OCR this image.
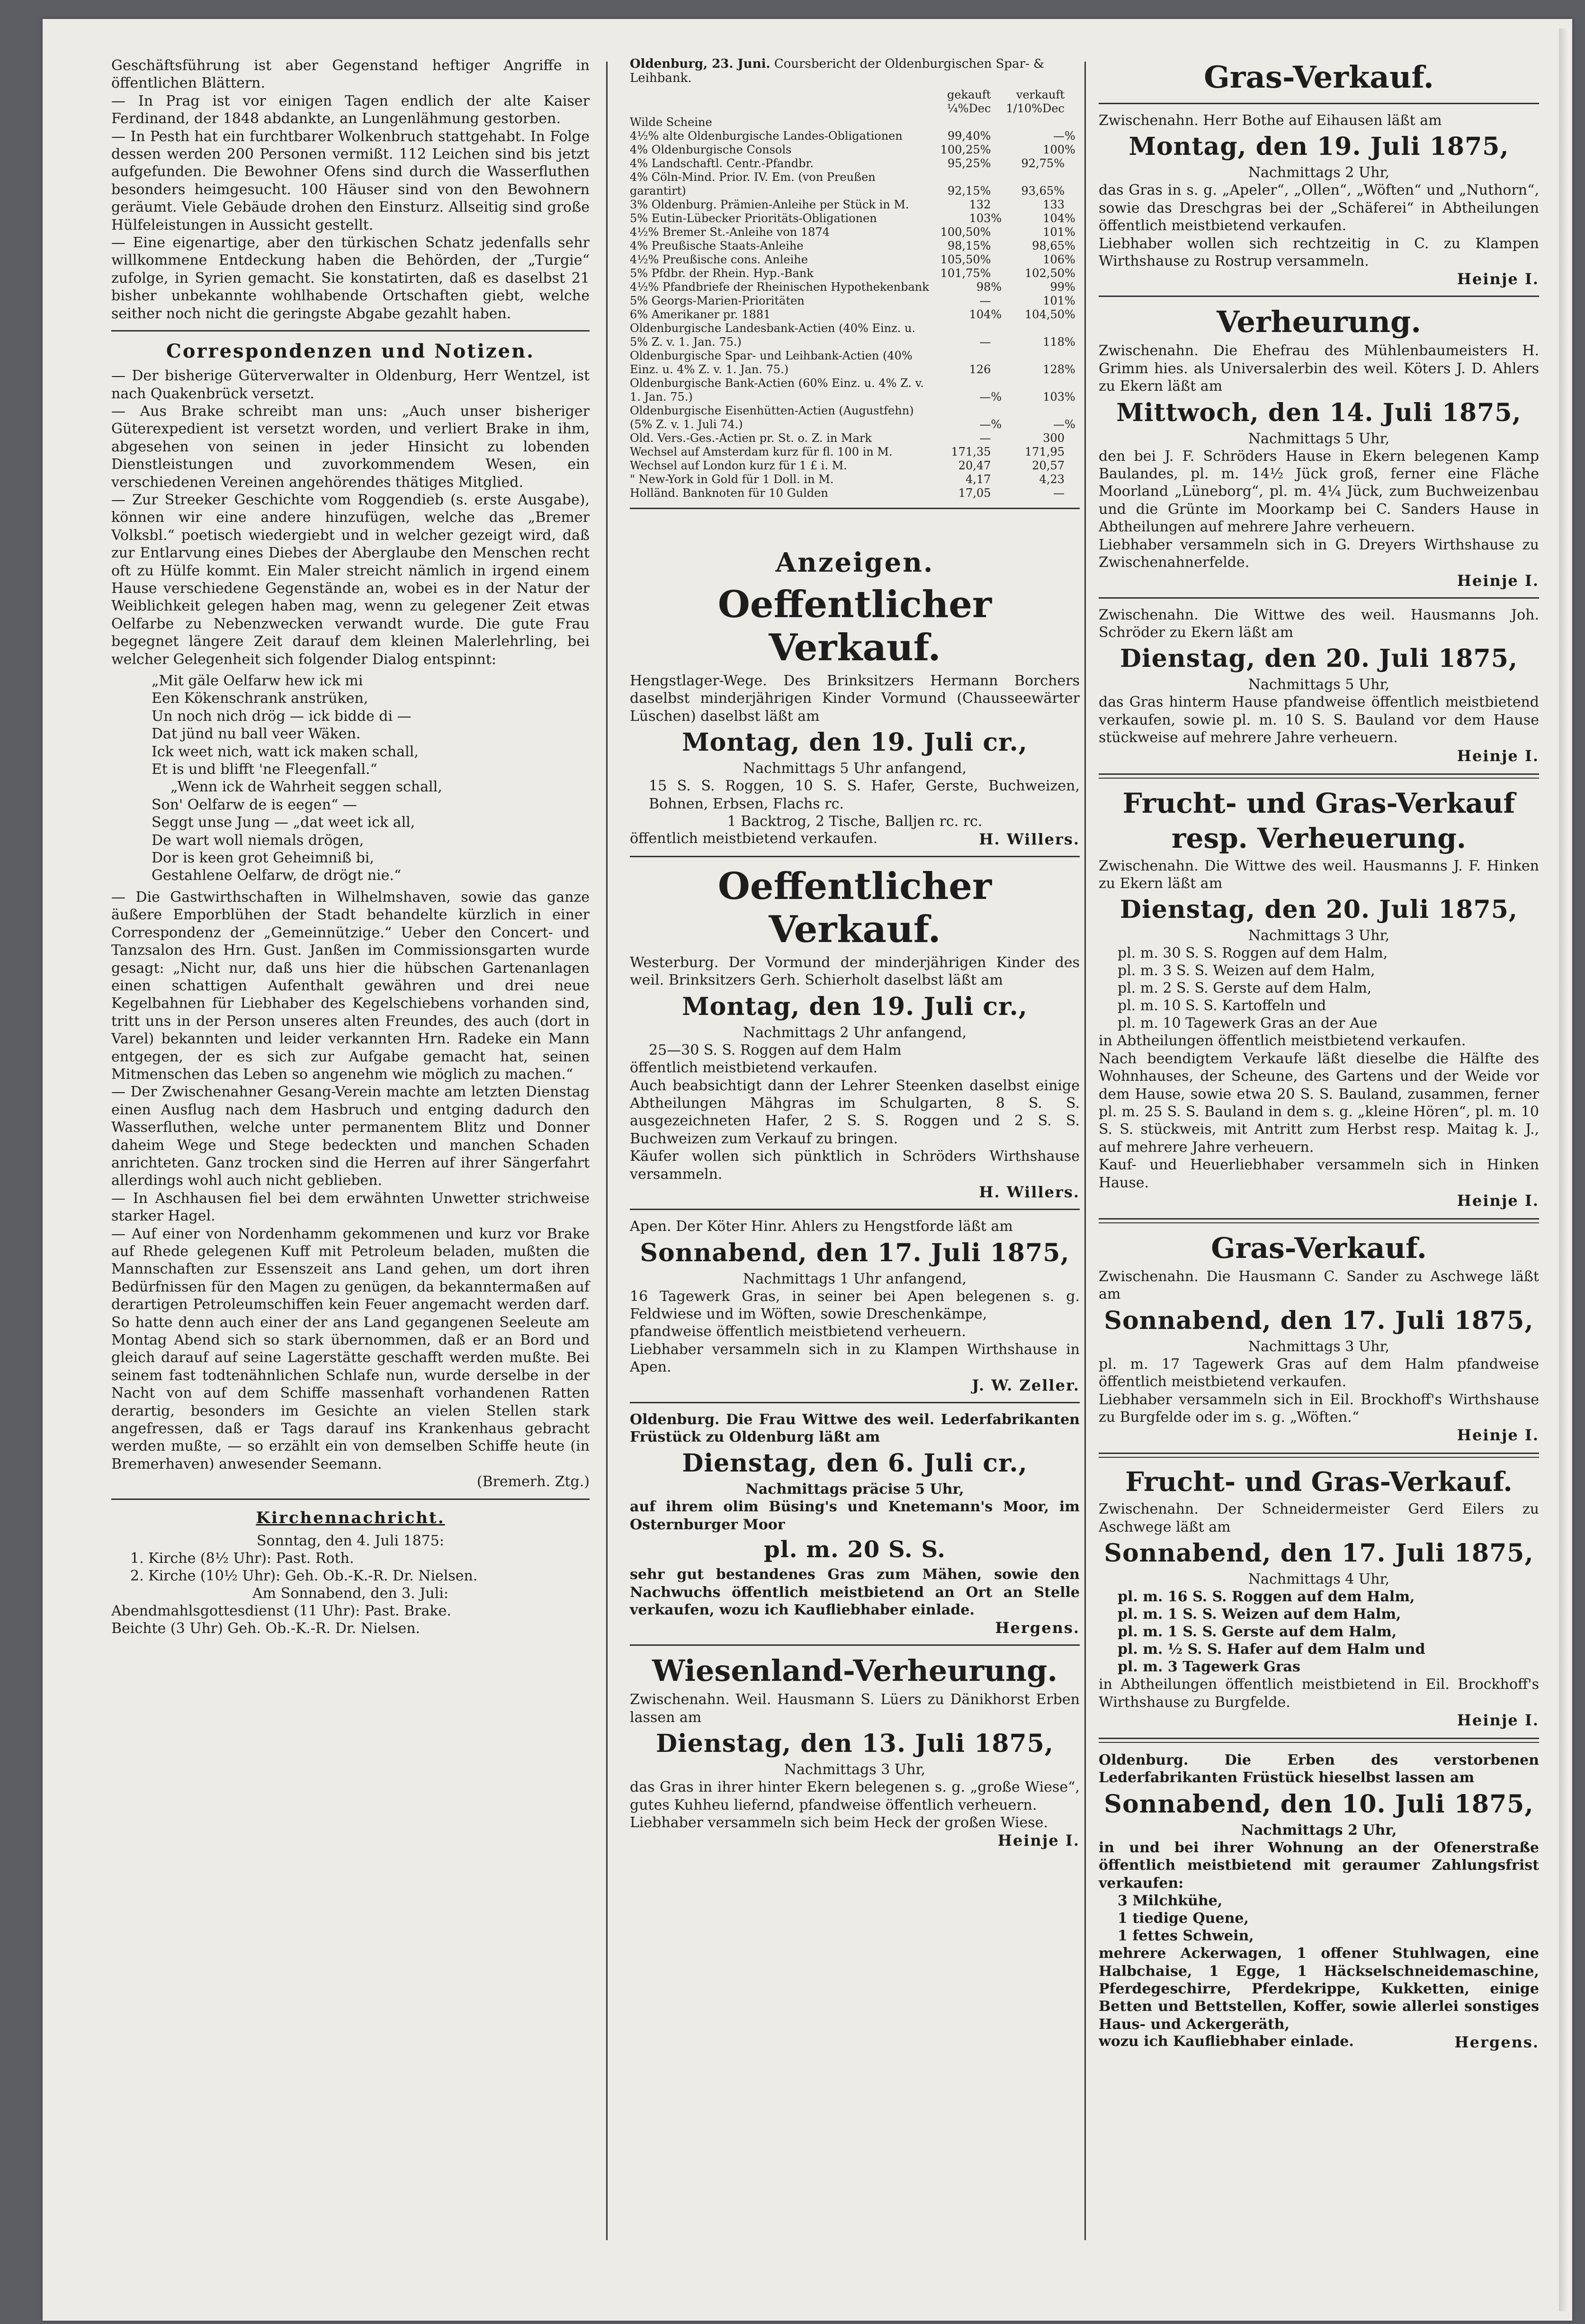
Geschäftsführung ist aber Gegenstand heftiger Angriffe in öffentlichen Blättern.

— In Prag ist vor einigen Tagen endlich der alte Kaiser Ferdinand, der 1848 abdankte, an Lungenlähmung gestorben.

— In Pesth hat ein furchtbarer Wolkenbruch stattgehabt. In Folge dessen werden 200 Personen vermißt. 112 Leichen sind bis jetzt aufgefunden. Die Bewohner Ofens sind durch die Wasserfluthen besonders heimgesucht. 100 Häuser sind von den Bewohnern geräumt. Viele Gebäude drohen den Einsturz. Allseitig sind große Hülfeleistungen in Aussicht gestellt.

— Eine eigenartige, aber den türkischen Schatz jedenfalls sehr willkommene Entdeckung haben die Behörden, der „Turgie“ zufolge, in Syrien gemacht. Sie konstatirten, daß es daselbst 21 bisher unbekannte wohlhabende Ortschaften giebt, welche seither noch nicht die geringste Abgabe gezahlt haben.

Correspondenzen und Notizen.

— Der bisherige Güterverwalter in Oldenburg, Herr Wentzel, ist nach Quakenbrück versetzt.

— Aus Brake schreibt man uns: „Auch unser bisheriger Güterexpedient ist versetzt worden, und verliert Brake in ihm, abgesehen von seinen in jeder Hinsicht zu lobenden Dienstleistungen und zuvorkommendem Wesen, ein verschiedenen Vereinen angehörendes thätiges Mitglied.

— Zur Streeker Geschichte vom Roggendieb (s. erste Ausgabe), können wir eine andere hinzufügen, welche das „Bremer Volksbl.“ poetisch wiedergiebt und in welcher gezeigt wird, daß zur Entlarvung eines Diebes der Aberglaube den Menschen recht oft zu Hülfe kommt. Ein Maler streicht nämlich in irgend einem Hause verschiedene Gegenstände an, wobei es in der Natur der Weiblichkeit gelegen haben mag, wenn zu gelegener Zeit etwas Oelfarbe zu Nebenzwecken verwandt wurde. Die gute Frau begegnet längere Zeit darauf dem kleinen Malerlehrling, bei welcher Gelegenheit sich folgender Dialog entspinnt:

„Mit gäle Oelfarw hew ick mi
Een Kökenschrank anstrüken,
Un noch nich drög — ick bidde di —
Dat jünd nu ball veer Wäken.
Ick weet nich, watt ick maken schall,
Et is und blifft 'ne Fleegenfall.“
„Wenn ick de Wahrheit seggen schall,
Son' Oelfarw de is eegen“ —
Seggt unse Jung — „dat weet ick all,
De wart woll niemals drögen,
Dor is keen grot Geheimniß bi,
Gestahlene Oelfarw, de drögt nie.“

— Die Gastwirthschaften in Wilhelmshaven, sowie das ganze äußere Emporblühen der Stadt behandelte kürzlich in einer Correspondenz der „Gemeinnützige.“ Ueber den Concert- und Tanzsalon des Hrn. Gust. Janßen im Commissionsgarten wurde gesagt: „Nicht nur, daß uns hier die hübschen Gartenanlagen einen schattigen Aufenthalt gewähren und drei neue Kegelbahnen für Liebhaber des Kegelschiebens vorhanden sind, tritt uns in der Person unseres alten Freundes, des auch (dort in Varel) bekannten und leider verkannten Hrn. Radeke ein Mann entgegen, der es sich zur Aufgabe gemacht hat, seinen Mitmenschen das Leben so angenehm wie möglich zu machen.“

— Der Zwischenahner Gesang-Verein machte am letzten Dienstag einen Ausflug nach dem Hasbruch und entging dadurch den Wasserfluthen, welche unter permanentem Blitz und Donner daheim Wege und Stege bedeckten und manchen Schaden anrichteten. Ganz trocken sind die Herren auf ihrer Sängerfahrt allerdings wohl auch nicht geblieben.

— In Aschhausen fiel bei dem erwähnten Unwetter strichweise starker Hagel.

— Auf einer von Nordenhamm gekommenen und kurz vor Brake auf Rhede gelegenen Kuff mit Petroleum beladen, mußten die Mannschaften zur Essenszeit ans Land gehen, um dort ihren Bedürfnissen für den Magen zu genügen, da bekanntermaßen auf derartigen Petroleumschiffen kein Feuer angemacht werden darf. So hatte denn auch einer der ans Land gegangenen Seeleute am Montag Abend sich so stark übernommen, daß er an Bord und gleich darauf auf seine Lagerstätte geschafft werden mußte. Bei seinem fast todtenähnlichen Schlafe nun, wurde derselbe in der Nacht von auf dem Schiffe massenhaft vorhandenen Ratten derartig, besonders im Gesichte an vielen Stellen stark angefressen, daß er Tags darauf ins Krankenhaus gebracht werden mußte, — so erzählt ein von demselben Schiffe heute (in Bremerhaven) anwesender Seemann.

(Bremerh. Ztg.)

Kirchennachricht.
Sonntag, den 4. Juli 1875:
1. Kirche (8½ Uhr): Past. Roth.
2. Kirche (10½ Uhr): Geh. Ob.-K.-R. Dr. Nielsen.
Am Sonnabend, den 3. Juli:
Abendmahlsgottesdienst (11 Uhr): Past. Brake.
Beichte (3 Uhr) Geh. Ob.-K.-R. Dr. Nielsen.
Oldenburg, 23. Juni. Coursbericht der Oldenburgischen Spar- & Leihbank.
	gekauft		verkauft	
	¼%Dec		1/10%Dec	
Wilde Scheine				
4½% alte Oldenburgische Landes-Obligationen	99,40%		—	%
4% Oldenburgische Consols	100,25%		100	%
4% Landschaftl. Centr.-Pfandbr.	95,25%		92,75%	
4% Cöln-Mind. Prior. IV. Em. (von Preußen garantirt)	92,15%		93,65%	
3% Oldenburg. Prämien-Anleihe per Stück in M.	132		133	
5% Eutin-Lübecker Prioritäts-Obligationen	103	%	104	%
4½% Bremer St.-Anleihe von 1874	100,50%		101	%
4% Preußische Staats-Anleihe	98,15%		98,65	%
4½% Preußische cons. Anleihe	105,50%		106	%
5% Pfdbr. der Rhein. Hyp.-Bank	101,75%		102,50	%
4½% Pfandbriefe der Rheinischen Hypothekenbank	98	%	99	%
5% Georgs-Marien-Prioritäten	—		101	%
6% Amerikaner pr. 1881	104	%	104,50	%
Oldenburgische Landesbank-Actien (40% Einz. u. 5% Z. v. 1. Jan. 75.)	—		118	%
Oldenburgische Spar- und Leihbank-Actien (40% Einz. u. 4% Z. v. 1. Jan. 75.)	126		128	%
Oldenburgische Bank-Actien (60% Einz. u. 4% Z. v. 1. Jan. 75.)	—	%	103	%
Oldenburgische Eisenhütten-Actien (Augustfehn) (5% Z. v. 1. Juli 74.)	—	%	—	%
Old. Vers.-Ges.-Actien pr. St. o. Z. in Mark	—		300	
Wechsel auf Amsterdam kurz für fl. 100 in M.	171,35		171,95	
Wechsel auf London kurz für 1 £ i. M.	20,47		20,57	
" New-York in Gold für 1 Doll. in M.	4,17		4,23	
Holländ. Banknoten für 10 Gulden	17,05		—	
Anzeigen.
Oeffentlicher Verkauf.

Hengstlager-Wege. Des Brinksitzers Hermann Borchers daselbst minderjährigen Kinder Vormund (Chausseewärter Lüschen) daselbst läßt am

Montag, den 19. Juli cr.,
Nachmittags 5 Uhr anfangend,

15 S. S. Roggen, 10 S. S. Hafer, Gerste, Buchweizen, Bohnen, Erbsen, Flachs rc.

1 Backtrog, 2 Tische, Balljen rc. rc.
öffentlich meistbietend verkaufen.	H. Willers.
Oeffentlicher Verkauf.

Westerburg. Der Vormund der minderjährigen Kinder des weil. Brinksitzers Gerh. Schierholt daselbst läßt am

Montag, den 19. Juli cr.,
Nachmittags 2 Uhr anfangend,

25—30 S. S. Roggen auf dem Halm

öffentlich meistbietend verkaufen.

Auch beabsichtigt dann der Lehrer Steenken daselbst einige Abtheilungen Mähgras im Schulgarten, 8 S. S. ausgezeichneten Hafer, 2 S. S. Roggen und 2 S. S. Buchweizen zum Verkauf zu bringen.

Käufer wollen sich pünktlich in Schröders Wirthshause versammeln.

H. Willers.

Apen. Der Köter Hinr. Ahlers zu Hengstforde läßt am

Sonnabend, den 17. Juli 1875,
Nachmittags 1 Uhr anfangend,

16 Tagewerk Gras, in seiner bei Apen belegenen s. g. Feldwiese und im Wöften, sowie Dreschenkämpe,

pfandweise öffentlich meistbietend verheuern.

Liebhaber versammeln sich in zu Klampen Wirthshause in Apen.

J. W. Zeller.

Oldenburg. Die Frau Wittwe des weil. Lederfabrikanten Früstück zu Oldenburg läßt am

Dienstag, den 6. Juli cr.,
Nachmittags präcise 5 Uhr,

auf ihrem olim Büsing's und Knetemann's Moor, im Osternburger Moor

pl. m. 20 S. S.

sehr gut bestandenes Gras zum Mähen, sowie den Nachwuchs öffentlich meistbietend an Ort an Stelle verkaufen, wozu ich Kaufliebhaber einlade.

Hergens.
Wiesenland-Verheurung.

Zwischenahn. Weil. Hausmann S. Lüers zu Dänikhorst Erben lassen am

Dienstag, den 13. Juli 1875,
Nachmittags 3 Uhr,

das Gras in ihrer hinter Ekern belegenen s. g. „große Wiese“, gutes Kuhheu liefernd, pfandweise öffentlich verheuern.

Liebhaber versammeln sich beim Heck der großen Wiese.

Heinje I.
Gras-Verkauf.

Zwischenahn. Herr Bothe auf Eihausen läßt am

Montag, den 19. Juli 1875,
Nachmittags 2 Uhr,

das Gras in s. g. „Apeler“, „Ollen“, „Wöften“ und „Nuthorn“, sowie das Dreschgras bei der „Schäferei“ in Abtheilungen öffentlich meistbietend verkaufen.

Liebhaber wollen sich rechtzeitig in C. zu Klampen Wirthshause zu Rostrup versammeln.

Heinje I.
Verheurung.

Zwischenahn. Die Ehefrau des Mühlenbaumeisters H. Grimm hies. als Universalerbin des weil. Köters J. D. Ahlers zu Ekern läßt am

Mittwoch, den 14. Juli 1875,
Nachmittags 5 Uhr,

den bei J. F. Schröders Hause in Ekern belegenen Kamp Baulandes, pl. m. 14½ Jück groß, ferner eine Fläche Moorland „Lüneborg“, pl. m. 4¼ Jück, zum Buchweizenbau und die Grünte im Moorkamp bei C. Sanders Hause in Abtheilungen auf mehrere Jahre verheuern.

Liebhaber versammeln sich in G. Dreyers Wirthshause zu Zwischenahnerfelde.

Heinje I.

Zwischenahn. Die Wittwe des weil. Hausmanns Joh. Schröder zu Ekern läßt am

Dienstag, den 20. Juli 1875,
Nachmittags 5 Uhr,

das Gras hinterm Hause pfandweise öffentlich meistbietend verkaufen, sowie pl. m. 10 S. S. Bauland vor dem Hause stückweise auf mehrere Jahre verheuern.

Heinje I.
Frucht- und Gras-Verkauf
resp. Verheuerung.

Zwischenahn. Die Wittwe des weil. Hausmanns J. F. Hinken zu Ekern läßt am

Dienstag, den 20. Juli 1875,
Nachmittags 3 Uhr,
pl. m. 30 S. S. Roggen auf dem Halm,
pl. m. 3 S. S. Weizen auf dem Halm,
pl. m. 2 S. S. Gerste auf dem Halm,
pl. m. 10 S. S. Kartoffeln und
pl. m. 10 Tagewerk Gras an der Aue

in Abtheilungen öffentlich meistbietend verkaufen.

Nach beendigtem Verkaufe läßt dieselbe die Hälfte des Wohnhauses, der Scheune, des Gartens und der Weide vor dem Hause, sowie etwa 20 S. S. Bauland, zusammen, ferner pl. m. 25 S. S. Bauland in dem s. g. „kleine Hören“, pl. m. 10 S. S. stückweis, mit Antritt zum Herbst resp. Maitag k. J., auf mehrere Jahre verheuern.

Kauf- und Heuerliebhaber versammeln sich in Hinken Hause.

Heinje I.
Gras-Verkauf.

Zwischenahn. Die Hausmann C. Sander zu Aschwege läßt am

Sonnabend, den 17. Juli 1875,
Nachmittags 3 Uhr,

pl. m. 17 Tagewerk Gras auf dem Halm pfandweise öffentlich meistbietend verkaufen.

Liebhaber versammeln sich in Eil. Brockhoff's Wirthshause zu Burgfelde oder im s. g. „Wöften.“

Heinje I.
Frucht- und Gras-Verkauf.

Zwischenahn. Der Schneidermeister Gerd Eilers zu Aschwege läßt am

Sonnabend, den 17. Juli 1875,
Nachmittags 4 Uhr,
pl. m. 16 S. S. Roggen auf dem Halm,
pl. m. 1 S. S. Weizen auf dem Halm,
pl. m. 1 S. S. Gerste auf dem Halm,
pl. m. ½ S. S. Hafer auf dem Halm und
pl. m. 3 Tagewerk Gras

in Abtheilungen öffentlich meistbietend in Eil. Brockhoff's Wirthshause zu Burgfelde.

Heinje I.

Oldenburg. Die Erben des verstorbenen Lederfabrikanten Früstück hieselbst lassen am

Sonnabend, den 10. Juli 1875,
Nachmittags 2 Uhr,

in und bei ihrer Wohnung an der Ofenerstraße öffentlich meistbietend mit geraumer Zahlungsfrist verkaufen:

3 Milchkühe,
1 tiedige Quene,
1 fettes Schwein,

mehrere Ackerwagen, 1 offener Stuhlwagen, eine Halbchaise, 1 Egge, 1 Häckselschneidemaschine, Pferdegeschirre, Pferdekrippe, Kukketten, einige Betten und Bettstellen, Koffer, sowie allerlei sonstiges Haus- und Ackergeräth,

wozu ich Kaufliebhaber einlade.	Hergens.
